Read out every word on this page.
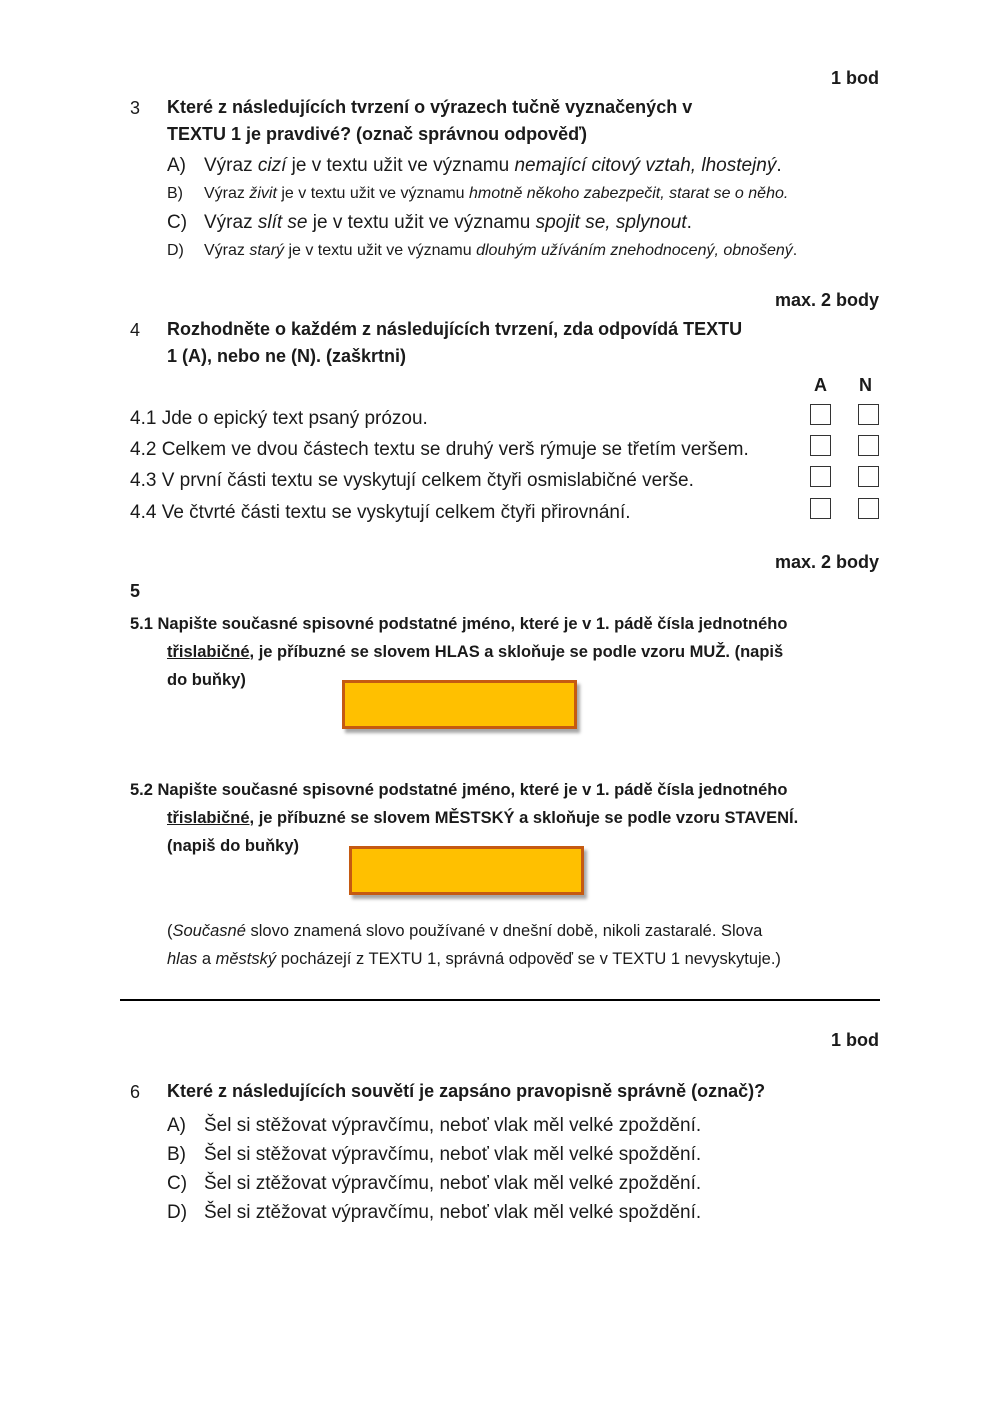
1 bod
3 Které z následujících tvrzení o výrazech tučně vyznačených v
TEXTU 1 je pravdivé? (označ správnou odpověď)
A) Výraz cizí je v textu užit ve významu nemající citový vztah, lhostejný.
B) Výraz živit je v textu užit ve významu hmotně někoho zabezpečit, starat se o něho.
C) Výraz slít se je v textu užit ve významu spojit se, splynout.
D) Výraz starý je v textu užit ve významu dlouhým užíváním znehodnocený, obnošený.
max. 2 body
4 Rozhodněte o každém z následujících tvrzení, zda odpovídá TEXTU
1 (A), nebo ne (N). (zaškrtni)
A N
4.1 Jde o epický text psaný prózou.
4.2 Celkem ve dvou částech textu se druhý verš rýmuje se třetím veršem.
4.3 V první části textu se vyskytují celkem čtyři osmislabičné verše.
4.4 Ve čtvrté části textu se vyskytují celkem čtyři přirovnání.
max. 2 body
5
5.1 Napište současné spisovné podstatné jméno, které je v 1. pádě čísla jednotného
třislabičné, je příbuzné se slovem HLAS a skloňuje se podle vzoru MUŽ. (napiš
do buňky)
5.2 Napište současné spisovné podstatné jméno, které je v 1. pádě čísla jednotného
třislabičné, je příbuzné se slovem MĚSTSKÝ a skloňuje se podle vzoru STAVENÍ.
(napiš do buňky)
(Současné slovo znamená slovo používané v dnešní době, nikoli zastaralé. Slova
hlas a městský pocházejí z TEXTU 1, správná odpověď se v TEXTU 1 nevyskytuje.)
1 bod
6 Které z následujících souvětí je zapsáno pravopisně správně (označ)?
A) Šel si stěžovat výpravčímu, neboť vlak měl velké zpoždění.
B) Šel si stěžovat výpravčímu, neboť vlak měl velké spoždění.
C) Šel si ztěžovat výpravčímu, neboť vlak měl velké zpoždění.
D) Šel si ztěžovat výpravčímu, neboť vlak měl velké spoždění.
